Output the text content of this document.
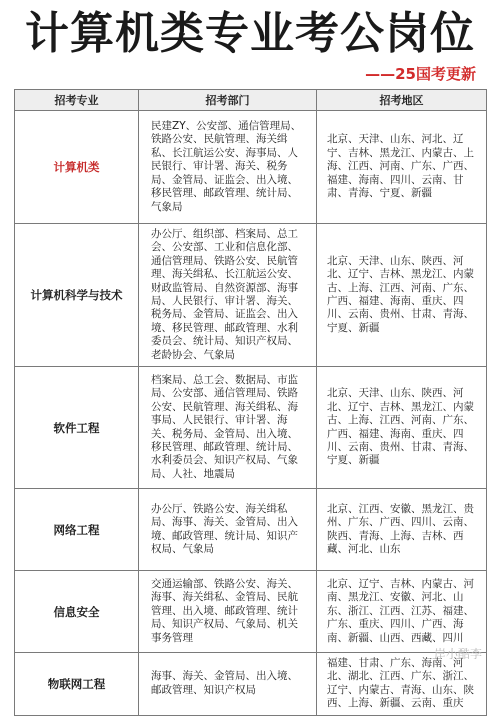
计算机类专业考公岗位
——25国考更新
招考专业	招考部门	招考地区
计算机类	民建ZY、公安部、通信管理局、铁路公安、民航管理、海关缉私、长江航运公安、海事局、人民银行、审计署、海关、税务局、金管局、证监会、出入境、移民管理、邮政管理、统计局、气象局	北京、天津、山东、河北、辽宁、吉林、黑龙江、内蒙古、上海、江西、河南、广东、广西、福建、海南、四川、云南、甘肃、青海、宁夏、新疆
计算机科学与技术	办公厅、组织部、档案局、总工会、公安部、工业和信息化部、通信管理局、铁路公安、民航管理、海关缉私、长江航运公安、财政监管局、自然资源部、海事局、人民银行、审计署、海关、税务局、金管局、证监会、出入境、移民管理、邮政管理、水利委员会、统计局、知识产权局、老龄协会、气象局	北京、天津、山东、陕西、河北、辽宁、吉林、黑龙江、内蒙古、上海、江西、河南、广东、广西、福建、海南、重庆、四川、云南、贵州、甘肃、青海、宁夏、新疆
软件工程	档案局、总工会、数据局、市监局、公安部、通信管理局、铁路公安、民航管理、海关缉私、海事局、人民银行、审计署、海关、税务局、金管局、出入境、移民管理、邮政管理、统计局、水利委员会、知识产权局、气象局、人社、地震局	北京、天津、山东、陕西、河北、辽宁、吉林、黑龙江、内蒙古、上海、江西、河南、广东、广西、福建、海南、重庆、四川、云南、贵州、甘肃、青海、宁夏、新疆
网络工程	办公厅、铁路公安、海关缉私局、海事、海关、金管局、出入境、邮政管理、统计局、知识产权局、气象局	北京、江西、安徽、黑龙江、贵州、广东、广西、四川、云南、陕西、青海、上海、吉林、西藏、河北、山东
信息安全	交通运输部、铁路公安、海关、海事、海关缉私、金管局、民航管理、出入境、邮政管理、统计局、知识产权局、气象局、机关事务管理	北京、辽宁、吉林、内蒙古、河南、黑龙江、安徽、河北、山东、浙江、江西、江苏、福建、广东、重庆、四川、广西、海南、新疆、山西、西藏、四川
物联网工程	海事、海关、金管局、出入境、邮政管理、知识产权局	福建、甘肃、广东、海南、河北、湖北、江西、广东、浙江、辽宁、内蒙古、青海、山东、陕西、上海、新疆、云南、重庆
岸小酷李
